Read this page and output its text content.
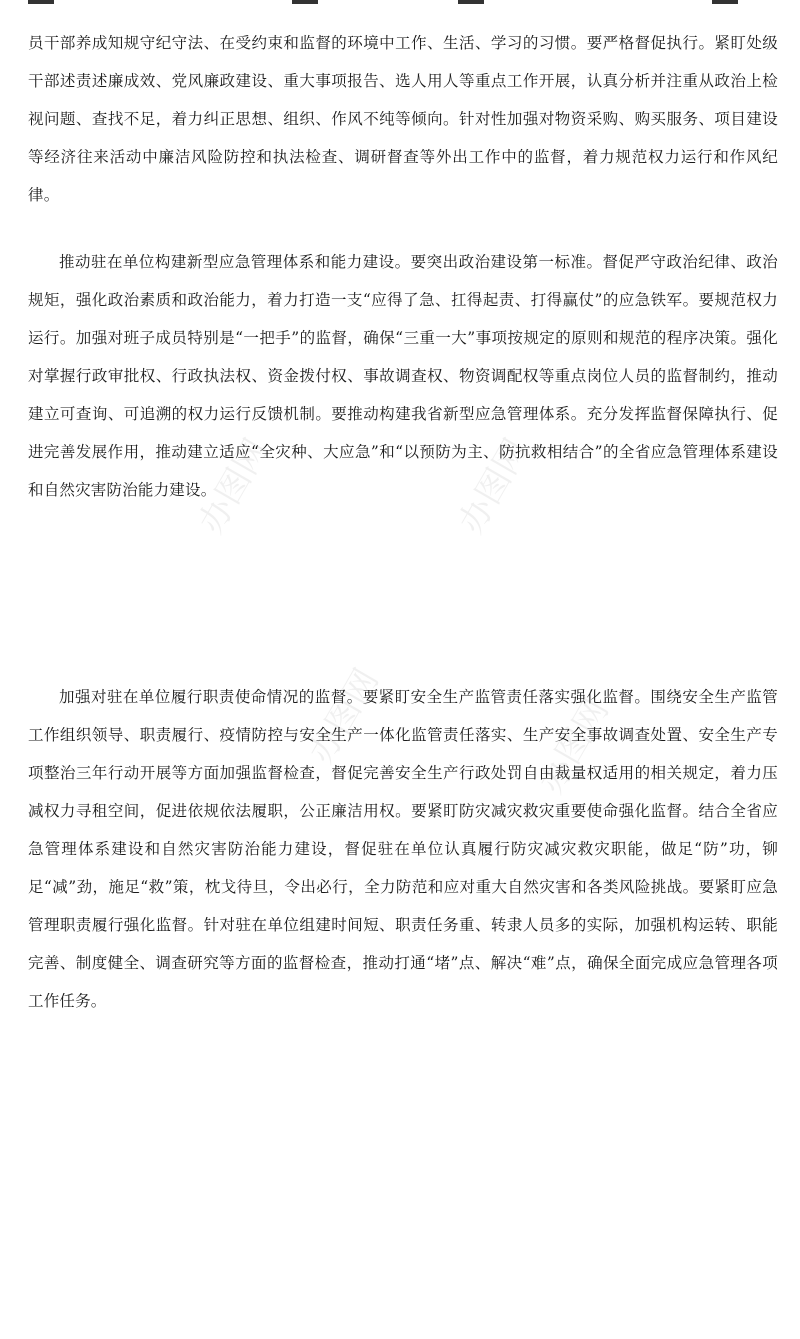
员干部养成知规守纪守法、在受约束和监督的环境中工作、生活、学习的习惯。要严格督促执行。紧盯处级干部述责述廉成效、党风廉政建设、重大事项报告、选人用人等重点工作开展，认真分析并注重从政治上检视问题、查找不足，着力纠正思想、组织、作风不纯等倾向。针对性加强对物资采购、购买服务、项目建设等经济往来活动中廉洁风险防控和执法检查、调研督查等外出工作中的监督，着力规范权力运行和作风纪律。

推动驻在单位构建新型应急管理体系和能力建设。要突出政治建设第一标准。督促严守政治纪律、政治规矩，强化政治素质和政治能力，着力打造一支“应得了急、扛得起责、打得赢仗”的应急铁军。要规范权力运行。加强对班子成员特别是“一把手”的监督，确保“三重一大”事项按规定的原则和规范的程序决策。强化对掌握行政审批权、行政执法权、资金拨付权、事故调查权、物资调配权等重点岗位人员的监督制约，推动建立可查询、可追溯的权力运行反馈机制。要推动构建我省新型应急管理体系。充分发挥监督保障执行、促进完善发展作用，推动建立适应“全灾种、大应急”和“以预防为主、防抗救相结合”的全省应急管理体系建设和自然灾害防治能力建设。

加强对驻在单位履行职责使命情况的监督。要紧盯安全生产监管责任落实强化监督。围绕安全生产监管工作组织领导、职责履行、疫情防控与安全生产一体化监管责任落实、生产安全事故调查处置、安全生产专项整治三年行动开展等方面加强监督检查，督促完善安全生产行政处罚自由裁量权适用的相关规定，着力压减权力寻租空间，促进依规依法履职，公正廉洁用权。要紧盯防灾减灾救灾重要使命强化监督。结合全省应急管理体系建设和自然灾害防治能力建设，督促驻在单位认真履行防灾减灾救灾职能，做足“防”功，铆足“减”劲，施足“救”策，枕戈待旦，令出必行，全力防范和应对重大自然灾害和各类风险挑战。要紧盯应急管理职责履行强化监督。针对驻在单位组建时间短、职责任务重、转隶人员多的实际，加强机构运转、职能完善、制度健全、调查研究等方面的监督检查，推动打通“堵”点、解决“难”点，确保全面完成应急管理各项工作任务。

办图网	办图网
办图网	办图网
